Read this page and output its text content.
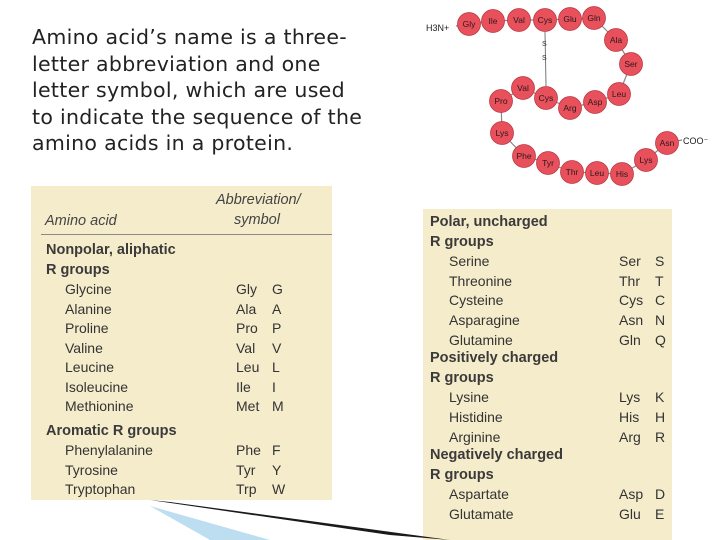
Amino acid’s name is a three-
letter abbreviation and one
letter symbol, which are used
to indicate the sequence of the
amino acids in a protein.
S
S
Gly Ile Val Cys Glu Gln
Ala
Ser
Leu
Asp
Arg
Cys
Val
Pro
Lys
Phe
Tyr
Thr Leu His
Lys
Asn
H3N+
COO⁻
Amino acid
Abbreviation/
symbol
Nonpolar, aliphatic
R groups
Glycine	Gly G
Alanine	Ala A
Proline	Pro P
Valine	Val V
Leucine	Leu L
Isoleucine	Ile I
Methionine	Met M
Aromatic R groups
Phenylalanine	Phe F
Tyrosine	Tyr Y
Tryptophan	Trp W
Polar, uncharged
R groups
Serine	Ser S
Threonine	Thr T
Cysteine	Cys C
Asparagine	Asn N
Glutamine	Gln Q
Positively charged
R groups
Lysine	Lys K
Histidine	His H
Arginine	Arg R
Negatively charged
R groups
Aspartate	Asp D
Glutamate	Glu E
